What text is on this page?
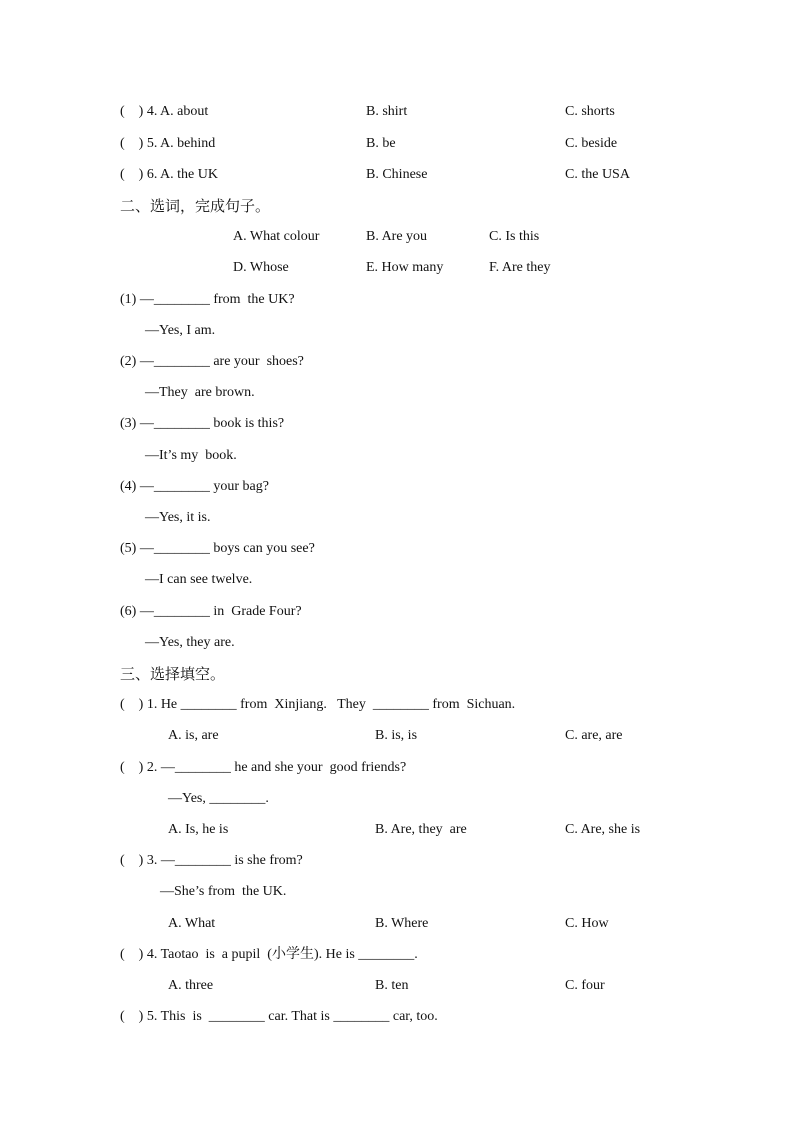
(    ) 4. A. about	B. shirt	C. shorts
(    ) 5. A. behind	B. be	C. beside
(    ) 6. A. the UK	B. Chinese	C. the USA
二、选词，完成句子。
A. What colour	B. Are you	C. Is this
D. Whose	E. How many	F. Are they
(1) —________ from  the UK?
—Yes, I am.
(2) —________ are your  shoes?
—They  are brown.
(3) —________ book is this?
—It’s my  book.
(4) —________ your bag?
—Yes, it is.
(5) —________ boys can you see?
—I can see twelve.
(6) —________ in  Grade Four?
—Yes, they are.
三、选择填空。
(    ) 1. He ________ from  Xinjiang.   They  ________ from  Sichuan.
A. is, are	B. is, is	C. are, are
(    ) 2. —________ he and she your  good friends?
—Yes, ________.
A. Is, he is	B. Are, they  are	C. Are, she is
(    ) 3. —________ is she from?
—She’s from  the UK.
A. What	B. Where	C. How
(    ) 4. Taotao  is  a pupil  (小学生). He is ________.
A. three	B. ten	C. four
(    ) 5. This  is  ________ car. That is ________ car, too.
